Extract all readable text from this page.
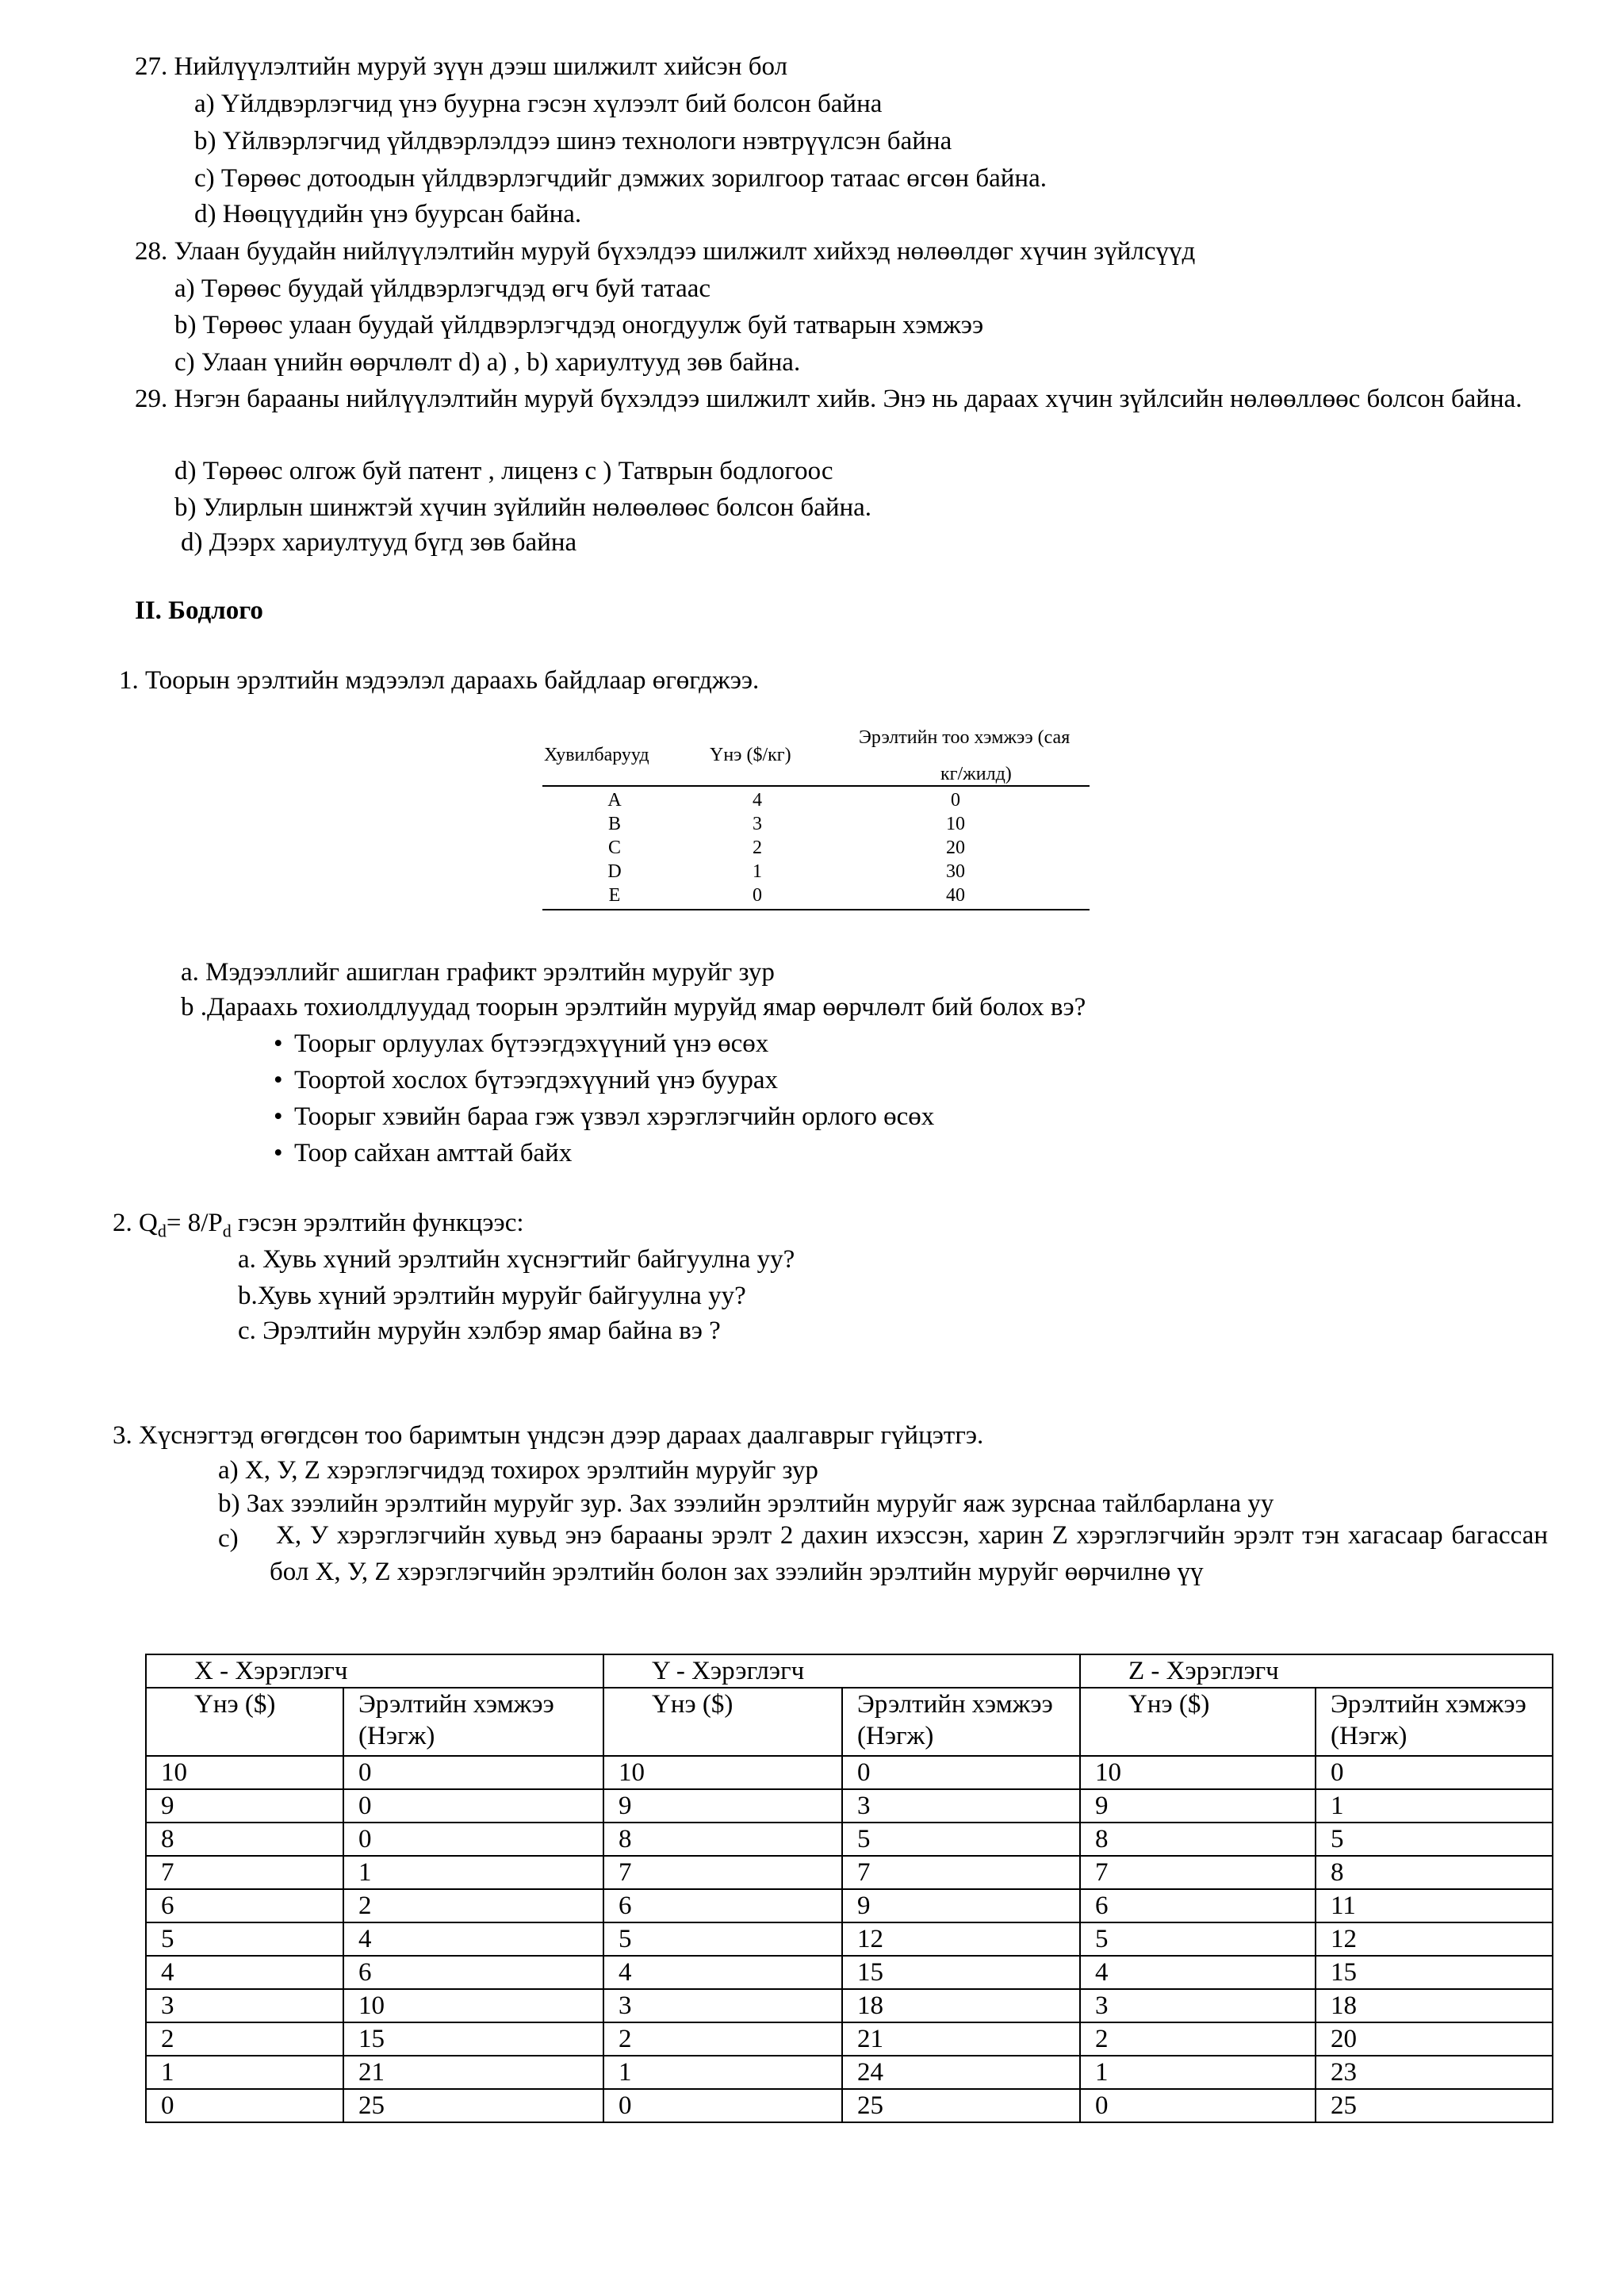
27. Нийлүүлэлтийн муруй зүүн дээш шилжилт хийсэн бол
a) Үйлдвэрлэгчид үнэ буурна гэсэн хүлээлт бий болсон байна
b) Үйлвэрлэгчид үйлдвэрлэлдээ шинэ технологи нэвтрүүлсэн байна
c) Төрөөс дотоодын үйлдвэрлэгчдийг дэмжих зорилгоор татаас өгсөн байна.
d) Нөөцүүдийн үнэ буурсан байна.
28. Улаан буудайн нийлүүлэлтийн муруй бүхэлдээ шилжилт хийхэд нөлөөлдөг хүчин зүйлсүүд
a) Төрөөс буудай үйлдвэрлэгчдэд өгч буй татаас
b) Төрөөс улаан буудай үйлдвэрлэгчдэд оногдуулж буй татварын хэмжээ
c) Улаан үнийн өөрчлөлт d) a) , b) хариултууд зөв байна.
29. Нэгэн барааны нийлүүлэлтийн муруй бүхэлдээ шилжилт хийв. Энэ нь дараах хүчин зүйлсийн нөлөөллөөс болсон байна.
d) Төрөөс олгож буй патент , лиценз c ) Татврын бодлогоос
b) Улирлын шинжтэй хүчин зүйлийн нөлөөлөөс болсон байна.
d) Дээрх хариултууд бүгд зөв байна
II. Бодлого
1. Тоорын эрэлтийн мэдээлэл дараахь байдлаар өгөгджээ.
Хувилбарууд	Үнэ ($/кг)
Эрэлтийн тоо хэмжээ (сая
кг/жилд)
A	4	0
B	3	10
C	2	20
D	1	30
E	0	40
a. Мэдээллийг ашиглан графикт эрэлтийн муруйг зур
b .Дараахь тохиолдлуудад тоорын эрэлтийн муруйд ямар өөрчлөлт бий болох вэ?
• Тоорыг орлуулах бүтээгдэхүүний үнэ өсөх
• Тоортой хослох бүтээгдэхүүний үнэ буурах
• Тоорыг хэвийн бараа гэж үзвэл хэрэглэгчийн орлого өсөх
• Тоор сайхан амттай байх
2. $Q_d= 8/P_d$ гэсэн эрэлтийн функцээс:
a. Хувь хүний эрэлтийн хүснэгтийг байгуулна уу?
b.Хувь хүний эрэлтийн муруйг байгуулна уу?
c. Эрэлтийн муруйн хэлбэр ямар байна вэ ?
3. Хүснэгтэд өгөгдсөн тоо баримтын үндсэн дээр дараах даалгаврыг гүйцэтгэ.
a) X, У, Z хэрэглэгчидэд тохирох эрэлтийн муруйг зур
b) Зах зээлийн эрэлтийн муруйг зур. Зах зээлийн эрэлтийн муруйг яаж зурснаа тайлбарлана уу
c) X, У хэрэглэгчийн хувьд энэ барааны эрэлт 2 дахин ихэссэн, харин Z хэрэглэгчийн эрэлт тэн хагасаар багассан бол X, У, Z хэрэглэгчийн эрэлтийн болон зах зээлийн эрэлтийн муруйг өөрчилнө үү
X - Хэрэглэгч		Y - Хэрэглэгч		Z - Хэрэглэгч	
Үнэ ($)	Эрэлтийн хэмжээ (Нэгж)	Үнэ ($)	Эрэлтийн хэмжээ (Нэгж)	Үнэ ($)	Эрэлтийн хэмжээ (Нэгж)
10	0	10	0	10	0
9	0	9	3	9	1
8	0	8	5	8	5
7	1	7	7	7	8
6	2	6	9	6	11
5	4	5	12	5	12
4	6	4	15	4	15
3	10	3	18	3	18
2	15	2	21	2	20
1	21	1	24	1	23
0	25	0	25	0	25
